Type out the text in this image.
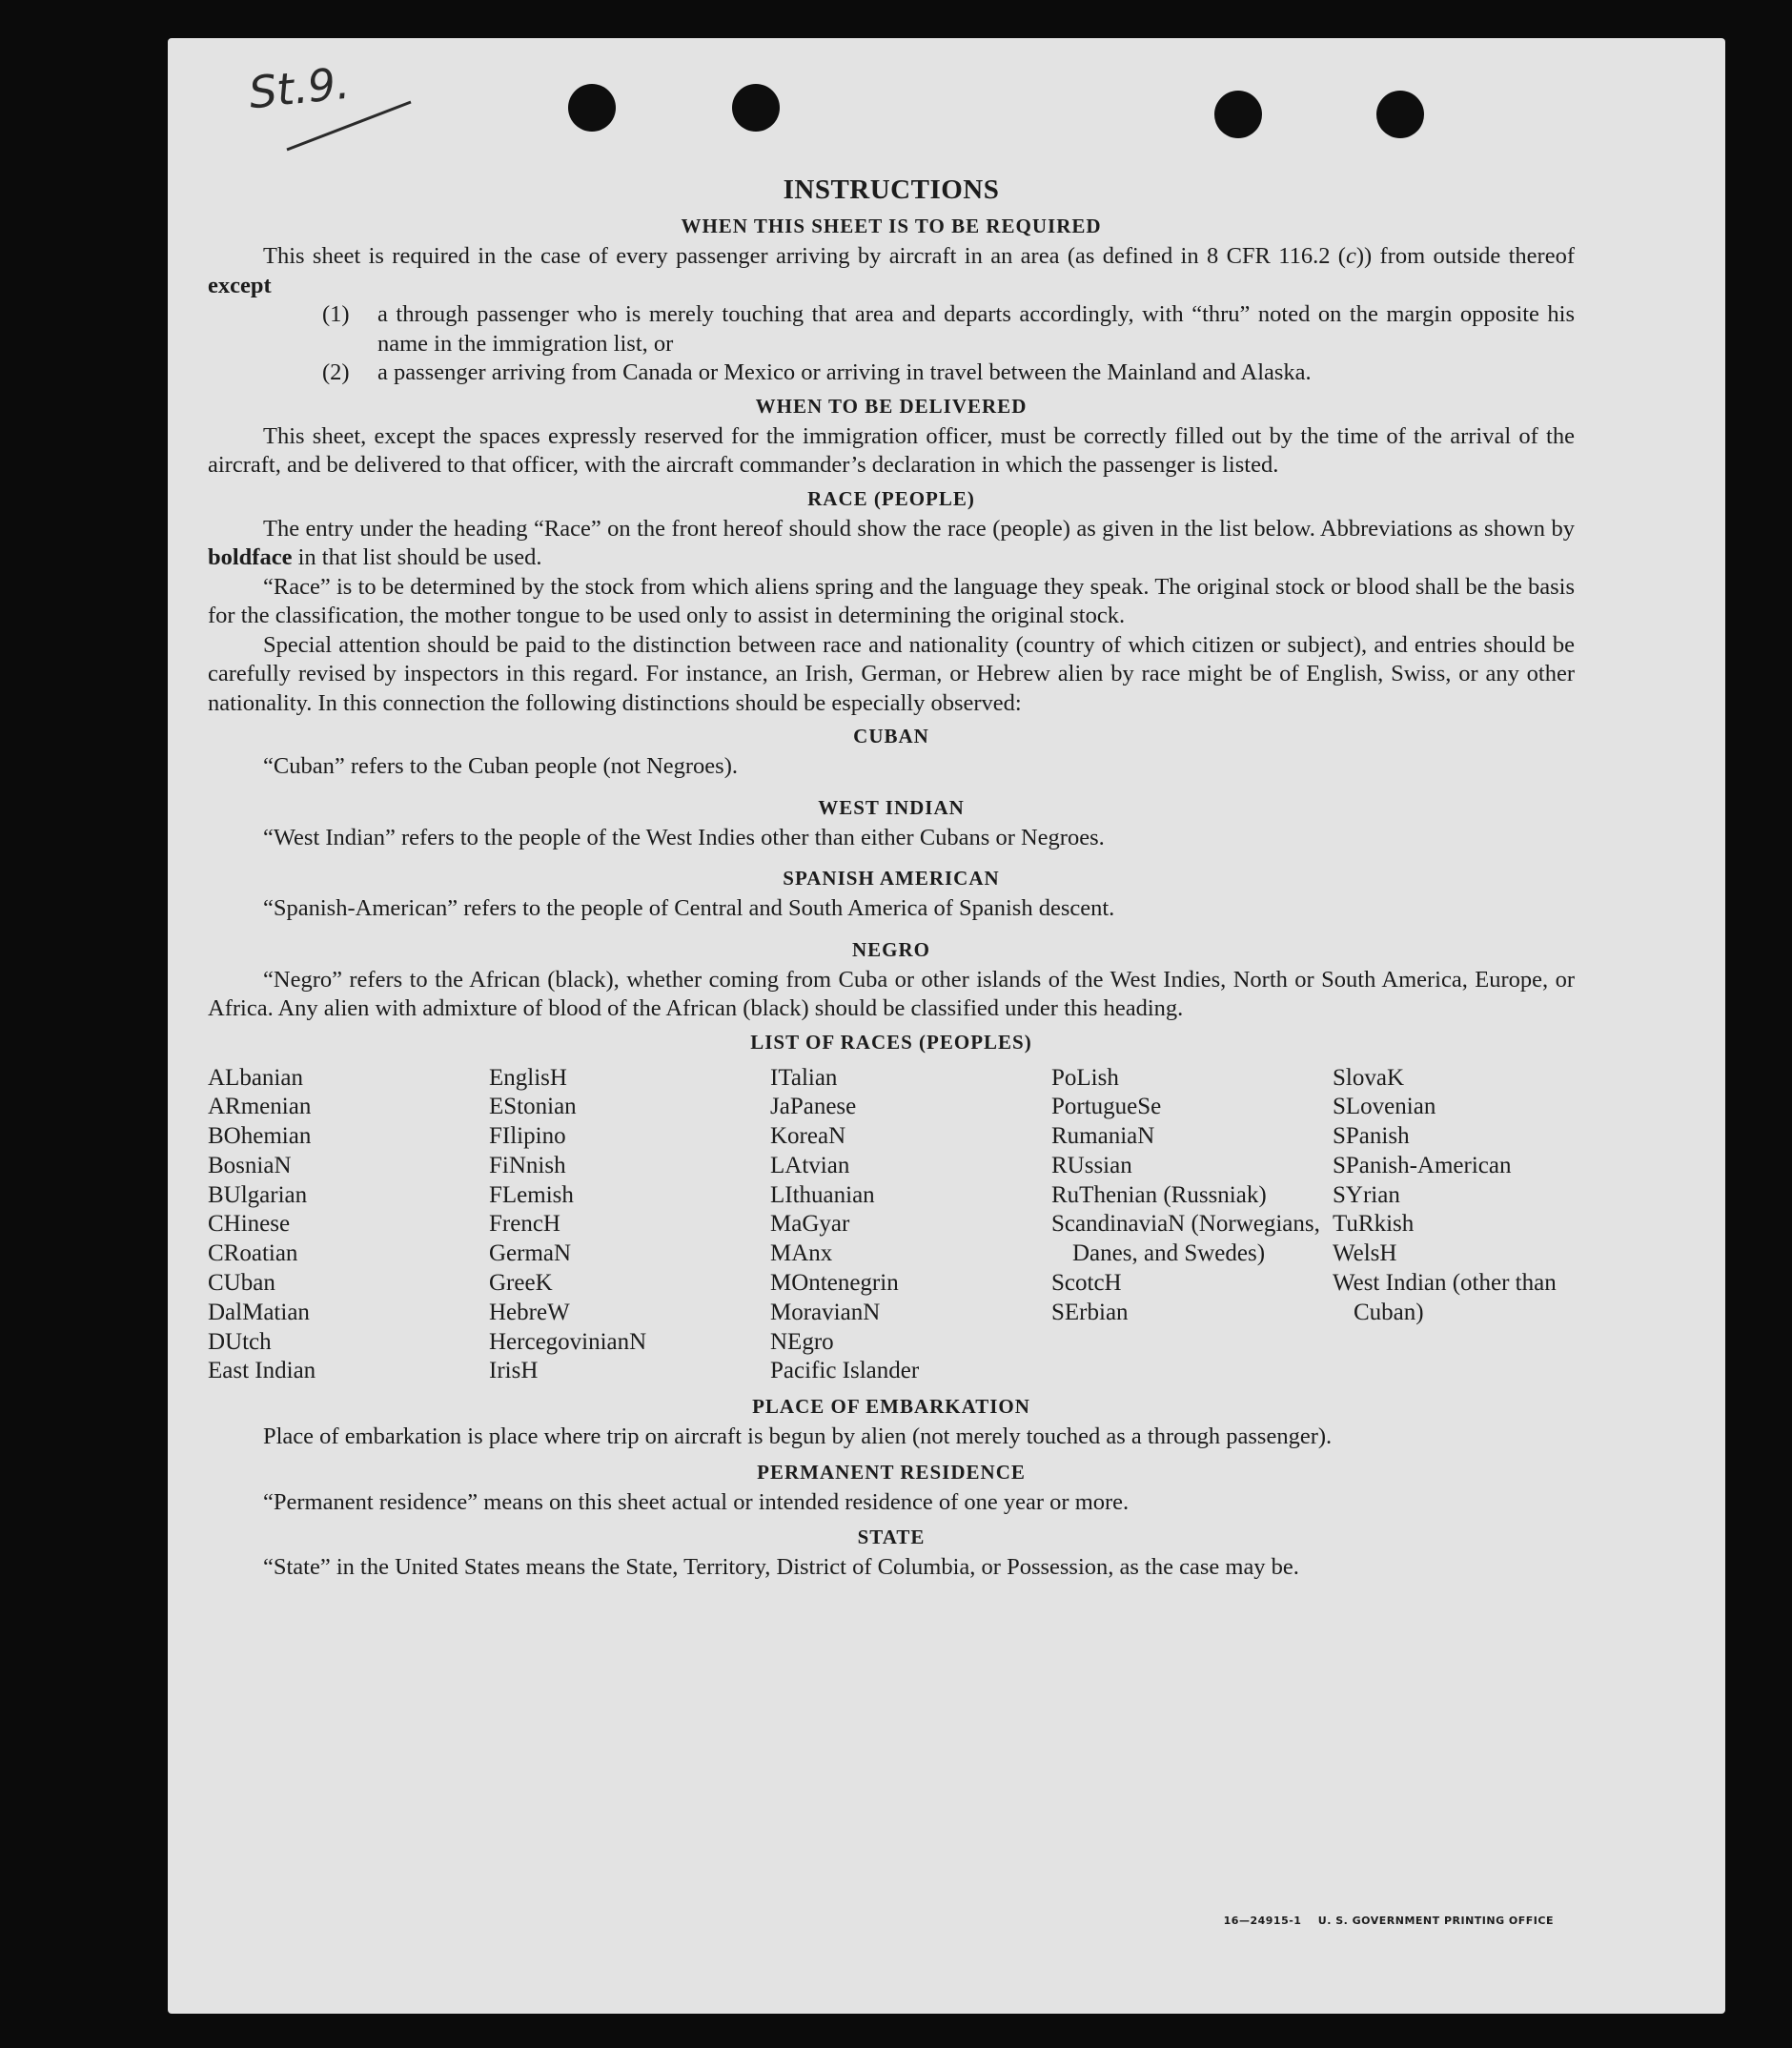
St.9.
INSTRUCTIONS
WHEN THIS SHEET IS TO BE REQUIRED

This sheet is required in the case of every passenger arriving by aircraft in an area (as defined in 8 CFR 116.2 (c)) from outside thereof except

(1)	a through passenger who is merely touching that area and departs accordingly, with “thru” noted on the margin opposite his name in the immigration list, or
(2)	a passenger arriving from Canada or Mexico or arriving in travel between the Mainland and Alaska.
WHEN TO BE DELIVERED

This sheet, except the spaces expressly reserved for the immigration officer, must be correctly filled out by the time of the arrival of the aircraft, and be delivered to that officer, with the aircraft commander’s declaration in which the passenger is listed.

RACE (PEOPLE)

The entry under the heading “Race” on the front hereof should show the race (people) as given in the list below. Abbreviations as shown by boldface in that list should be used.

“Race” is to be determined by the stock from which aliens spring and the language they speak. The original stock or blood shall be the basis for the classification, the mother tongue to be used only to assist in determining the original stock.

Special attention should be paid to the distinction between race and nationality (country of which citizen or subject), and entries should be carefully revised by inspectors in this regard. For instance, an Irish, German, or Hebrew alien by race might be of English, Swiss, or any other nationality. In this connection the following distinctions should be especially observed:

CUBAN

“Cuban” refers to the Cuban people (not Negroes).

WEST INDIAN

“West Indian” refers to the people of the West Indies other than either Cubans or Negroes.

SPANISH AMERICAN

“Spanish-American” refers to the people of Central and South America of Spanish descent.

NEGRO

“Negro” refers to the African (black), whether coming from Cuba or other islands of the West Indies, North or South America, Europe, or Africa. Any alien with admixture of blood of the African (black) should be classified under this heading.

LIST OF RACES (PEOPLES)
ALbanian
ARmenian
BOhemian
BosniaN
BUlgarian
CHinese
CRoatian
CUban
DalMatian
DUtch
East Indian
EnglisH
EStonian
FIlipino
FiNnish
FLemish
FrencH
GermaN
GreeK
HebreW
HercegovinianN
IrisH
ITalian
JaPanese
KoreaN
LAtvian
LIthuanian
MaGyar
MAnx
MOntenegrin
MoravianN
NEgro
Pacific Islander
PoLish
PortugueSe
RumaniaN
RUssian
RuThenian (Russniak)
ScandinaviaN (Norwegians, Danes, and Swedes)
ScotcH
SErbian
SlovaK
SLovenian
SPanish
SPanish-American
SYrian
TuRkish
WelsH
West Indian (other than Cuban)
PLACE OF EMBARKATION

Place of embarkation is place where trip on aircraft is begun by alien (not merely touched as a through passenger).

PERMANENT RESIDENCE

“Permanent residence” means on this sheet actual or intended residence of one year or more.

STATE

“State” in the United States means the State, Territory, District of Columbia, or Possession, as the case may be.

16—24915-1 U. S. GOVERNMENT PRINTING OFFICE
